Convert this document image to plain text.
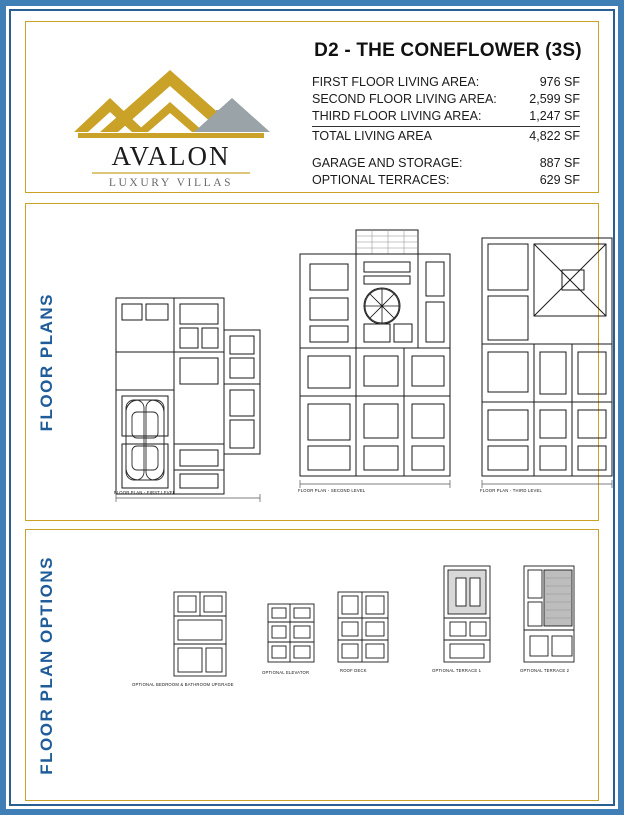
AVALON
LUXURY VILLAS
D2 - THE CONEFLOWER (3S)
FIRST FLOOR LIVING AREA:	976 SF
SECOND FLOOR LIVING AREA:	2,599 SF
THIRD FLOOR LIVING AREA:	1,247 SF
TOTAL LIVING AREA	4,822 SF
GARAGE AND STORAGE:	887 SF
OPTIONAL TERRACES:	629 SF
FLOOR PLANS
FLOOR PLAN - FIRST LEVEL	FLOOR PLAN - SECOND LEVEL	FLOOR PLAN - THIRD LEVEL
FLOOR PLAN OPTIONS	OPTIONAL BEDROOM & BATHROOM UPGRADE
OPTIONAL ELEVATOR	ROOF DECK	OPTIONAL TERRACE 1	OPTIONAL TERRACE 2
